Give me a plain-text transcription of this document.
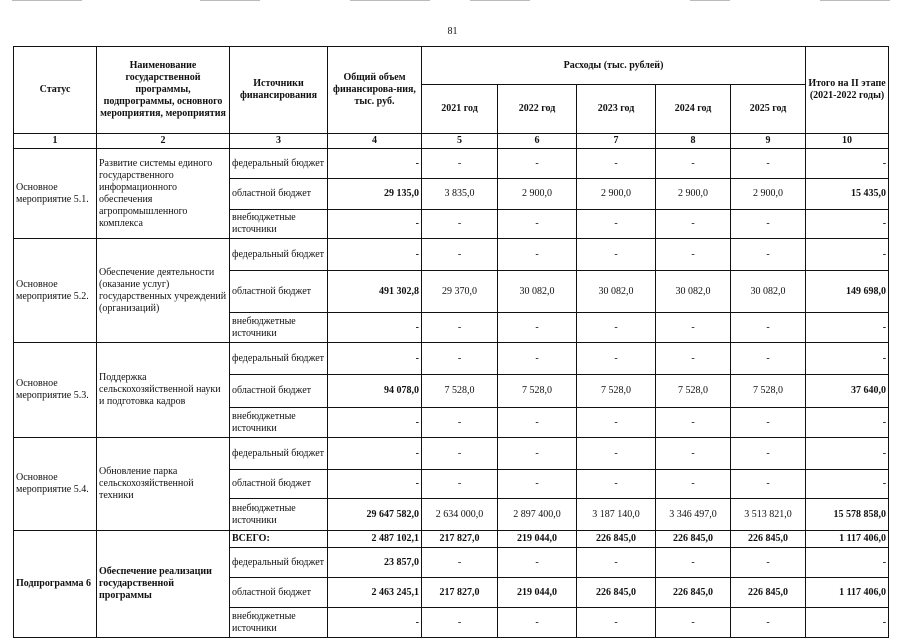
81
Статус	Наименование государственной программы, подпрограммы, основного мероприятия, мероприятия	Источники финансирования	Общий объем финансирова-ния, тыс. руб.	Расходы (тыс. рублей)					Итого на II этапе (2021-2022 годы)
				2021 год	2022 год	2023 год	2024 год	2025 год	
1	2	3	4	5	6	7	8	9	10
Основное мероприятие 5.1.	Развитие системы единого государственного информационного обеспечения агропромышленного комплекса	федеральный бюджет	-	-	-	-	-	-	-
		областной бюджет	29 135,0	3 835,0	2 900,0	2 900,0	2 900,0	2 900,0	15 435,0
		внебюджетные источники	-	-	-	-	-	-	-
Основное мероприятие 5.2.	Обеспечение деятельности (оказание услуг) государственных учреждений (организаций)	федеральный бюджет	-	-	-	-	-	-	-
		областной бюджет	491 302,8	29 370,0	30 082,0	30 082,0	30 082,0	30 082,0	149 698,0
		внебюджетные источники	-	-	-	-	-	-	-
Основное мероприятие 5.3.	Поддержка сельскохозяйственной науки и подготовка кадров	федеральный бюджет	-	-	-	-	-	-	-
		областной бюджет	94 078,0	7 528,0	7 528,0	7 528,0	7 528,0	7 528,0	37 640,0
		внебюджетные источники	-	-	-	-	-	-	-
Основное мероприятие 5.4.	Обновление парка сельскохозяйственной техники	федеральный бюджет	-	-	-	-	-	-	-
		областной бюджет	-	-	-	-	-	-	-
		внебюджетные источники	29 647 582,0	2 634 000,0	2 897 400,0	3 187 140,0	3 346 497,0	3 513 821,0	15 578 858,0
Подпрограмма 6	Обеспечение реализации государственной программы	ВСЕГО:	2 487 102,1	217 827,0	219 044,0	226 845,0	226 845,0	226 845,0	1 117 406,0
		федеральный бюджет	23 857,0	-	-	-	-	-	-
		областной бюджет	2 463 245,1	217 827,0	219 044,0	226 845,0	226 845,0	226 845,0	1 117 406,0
		внебюджетные источники	-	-	-	-	-	-	-
